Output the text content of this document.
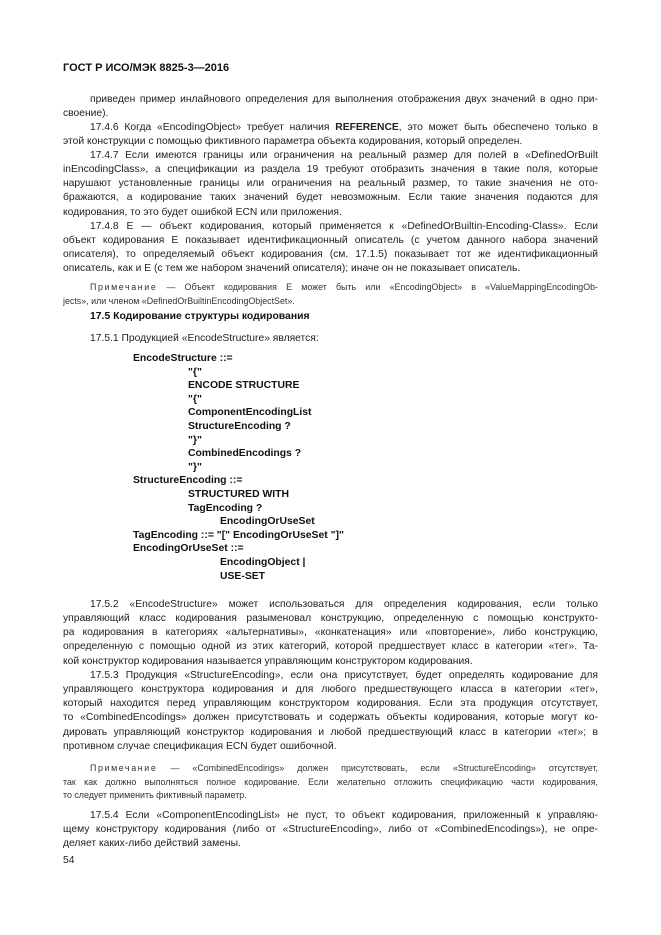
ГОСТ Р ИСО/МЭК 8825-3—2016
приведен пример инлайнового определения для выполнения отображения двух значений в одно при-
своение).
17.4.6 Когда «EncodingObject» требует наличия REFERENCE, это может быть обеспечено только в
этой конструкции с помощью фиктивного параметра объекта кодирования, который определен.
17.4.7 Если имеются границы или ограничения на реальный размер для полей в «DefinedOrBuilt
inEncodingClass», а спецификации из раздела 19 требуют отобразить значения в такие поля, которые
нарушают установленные границы или ограничения на реальный размер, то такие значения не ото-
бражаются, а кодирование таких значений будет невозможным. Если такие значения подаются для
кодирования, то это будет ошибкой ECN или приложения.
17.4.8 Е — объект кодирования, который применяется к «DefinedOrBuiltin-Encoding-Class». Если
объект кодирования Е показывает идентификационный описатель (с учетом данного набора значений
описателя), то определяемый объект кодирования (см. 17.1.5) показывает тот же идентификационный
описатель, как и Е (с тем же набором значений описателя); иначе он не показывает описатель.
Примечание — Объект кодирования Е может быть или «EncodingObject» в «ValueMappingEncodingOb-
jects», или членом «DefinedOrBuiltinEncodingObjectSet».
17.5 Кодирование структуры кодирования
17.5.1 Продукцией «EncodeStructure» является:
EncodeStructure ::=
"{"
ENCODE STRUCTURE
"{"
ComponentEncodingList
StructureEncoding ?
"}"
CombinedEncodings ?
"}"
StructureEncoding ::=
STRUCTURED WITH
TagEncoding ?
EncodingOrUseSet
TagEncoding ::= "[" EncodingOrUseSet "]"
EncodingOrUseSet ::=
EncodingObject |
USE-SET
17.5.2 «EncodeStructure» может использоваться для определения кодирования, если только
управляющий класс кодирования разыменовал конструкцию, определенную с помощью конструкто-
ра кодирования в категориях «альтернативы», «конкатенация» или «повторение», либо конструкцию,
определенную с помощью одной из этих категорий, которой предшествует класс в категории «тег». Та-
кой конструктор кодирования называется управляющим конструктором кодирования.
17.5.3 Продукция «StructureEncoding», если она присутствует, будет определять кодирование для
управляющего конструктора кодирования и для любого предшествующего класса в категории «тег»,
который находится перед управляющим конструктором кодирования. Если эта продукция отсутствует,
то «CombinedEncodings» должен присутствовать и содержать объекты кодирования, которые могут ко-
дировать управляющий конструктор кодирования и любой предшествующий класс в категории «тег»; в
противном случае спецификация ECN будет ошибочной.
Примечание — «CombinedEncodings» должен присутствовать, если «StructureEncoding» отсутствует,
так как должно выполняться полное кодирование. Если желательно отложить спецификацию части кодирования,
то следует применить фиктивный параметр.
17.5.4 Если «ComponentEncodingList» не пуст, то объект кодирования, приложенный к управляю-
щему конструктору кодирования (либо от «StructureEncoding», либо от «CombinedEncodings»), не опре-
деляет каких-либо действий замены.
54
